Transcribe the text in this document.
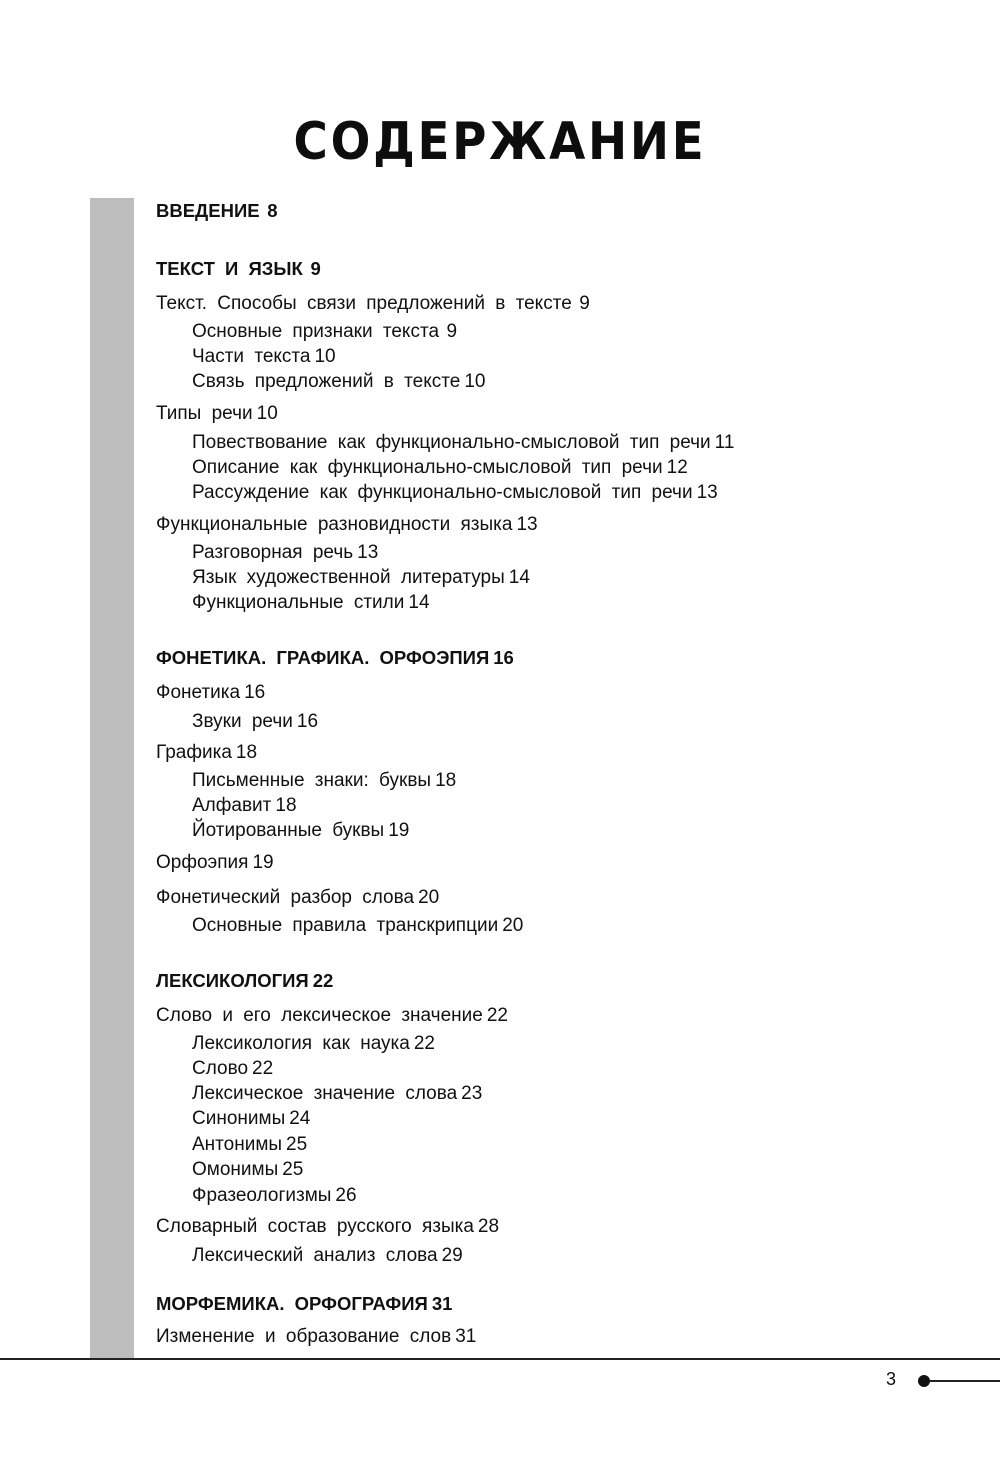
СОДЕРЖАНИЕ
ВВЕДЕНИЕ 8
ТЕКСТ И ЯЗЫК 9
Текст. Способы связи предложений в тексте 9
Основные признаки текста 9
Части текста 10
Связь предложений в тексте 10
Типы речи 10
Повествование как функционально-смысловой тип речи 11
Описание как функционально-смысловой тип речи 12
Рассуждение как функционально-смысловой тип речи 13
Функциональные разновидности языка 13
Разговорная речь 13
Язык художественной литературы 14
Функциональные стили 14
ФОНЕТИКА. ГРАФИКА. ОРФОЭПИЯ 16
Фонетика 16
Звуки речи 16
Графика 18
Письменные знаки: буквы 18
Алфавит 18
Йотированные буквы 19
Орфоэпия 19
Фонетический разбор слова 20
Основные правила транскрипции 20
ЛЕКСИКОЛОГИЯ 22
Слово и его лексическое значение 22
Лексикология как наука 22
Слово 22
Лексическое значение слова 23
Синонимы 24
Антонимы 25
Омонимы 25
Фразеологизмы 26
Словарный состав русского языка 28
Лексический анализ слова 29
МОРФЕМИКА. ОРФОГРАФИЯ 31
Изменение и образование слов 31
3
